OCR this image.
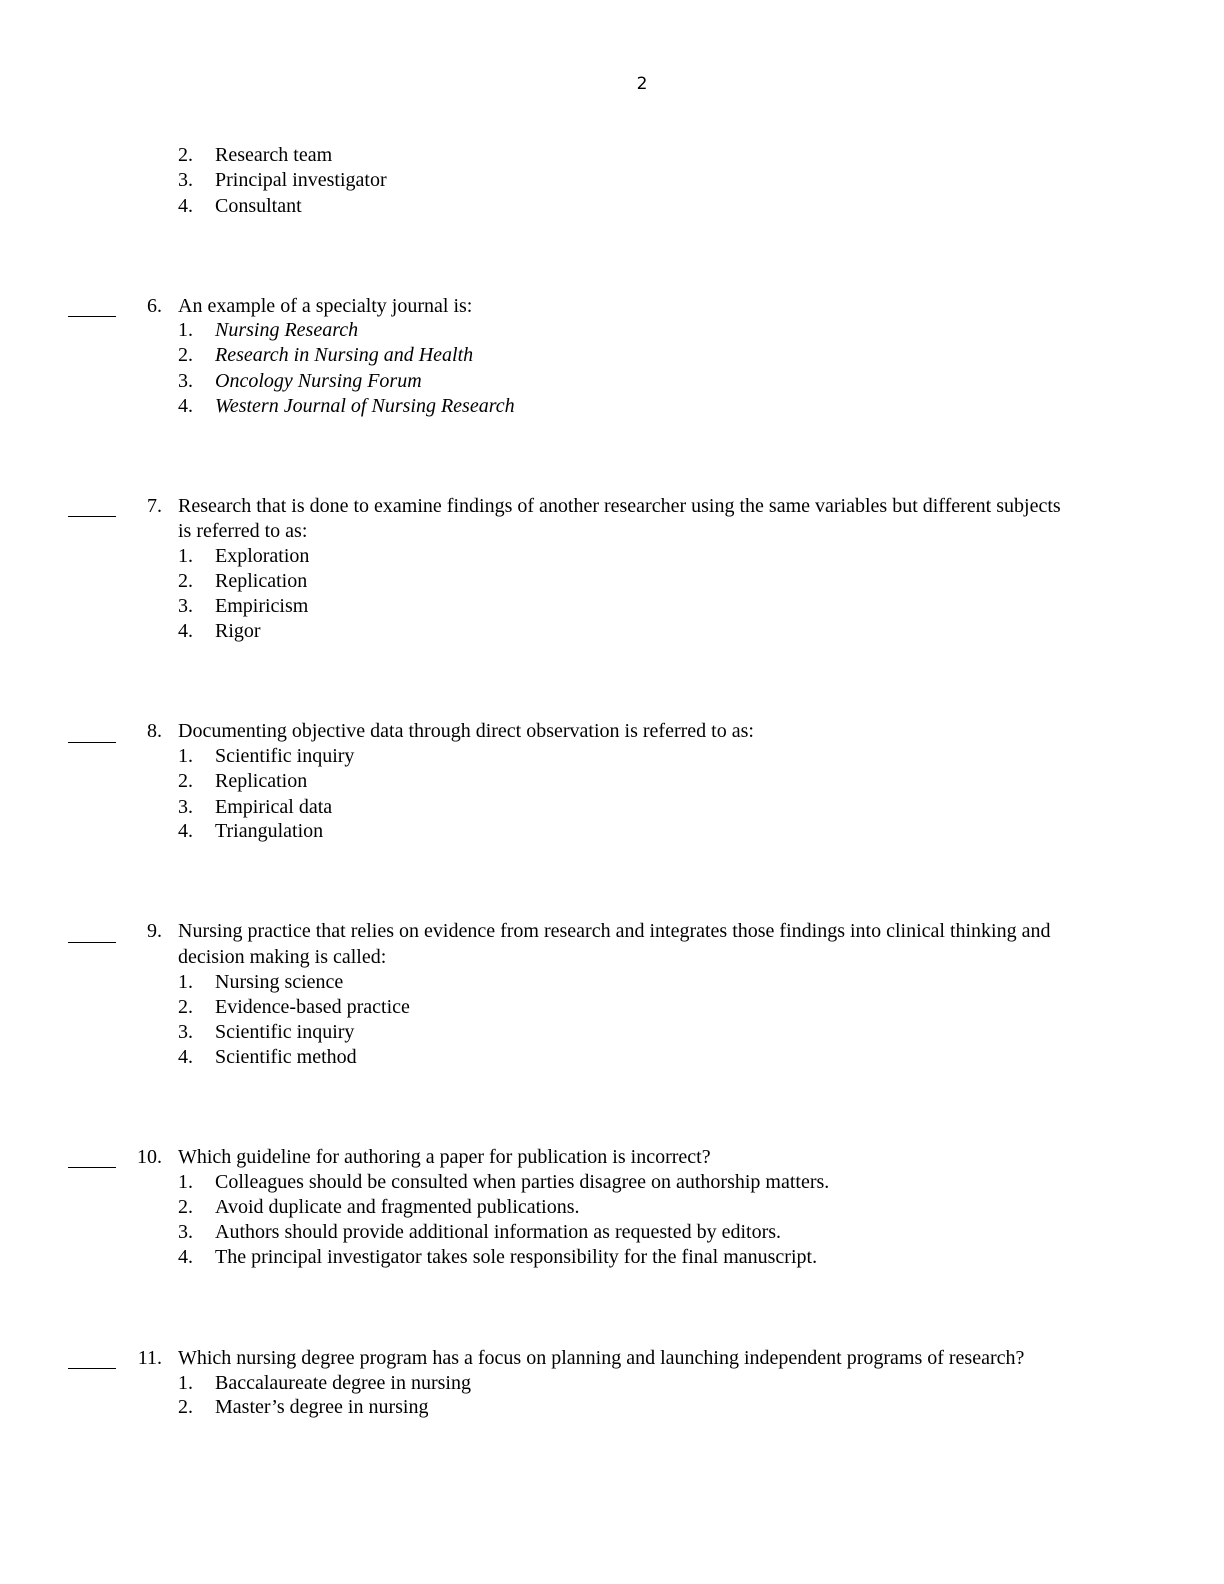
2
2. Research team
3. Principal investigator
4. Consultant
6. An example of a specialty journal is:
1. Nursing Research
2. Research in Nursing and Health
3. Oncology Nursing Forum
4. Western Journal of Nursing Research
7. Research that is done to examine findings of another researcher using the same variables but different subjects
is referred to as:
1. Exploration
2. Replication
3. Empiricism
4. Rigor
8. Documenting objective data through direct observation is referred to as:
1. Scientific inquiry
2. Replication
3. Empirical data
4. Triangulation
9. Nursing practice that relies on evidence from research and integrates those findings into clinical thinking and
decision making is called:
1. Nursing science
2. Evidence-based practice
3. Scientific inquiry
4. Scientific method
10. Which guideline for authoring a paper for publication is incorrect?
1. Colleagues should be consulted when parties disagree on authorship matters.
2. Avoid duplicate and fragmented publications.
3. Authors should provide additional information as requested by editors.
4. The principal investigator takes sole responsibility for the final manuscript.
11. Which nursing degree program has a focus on planning and launching independent programs of research?
1. Baccalaureate degree in nursing
2. Master’s degree in nursing
